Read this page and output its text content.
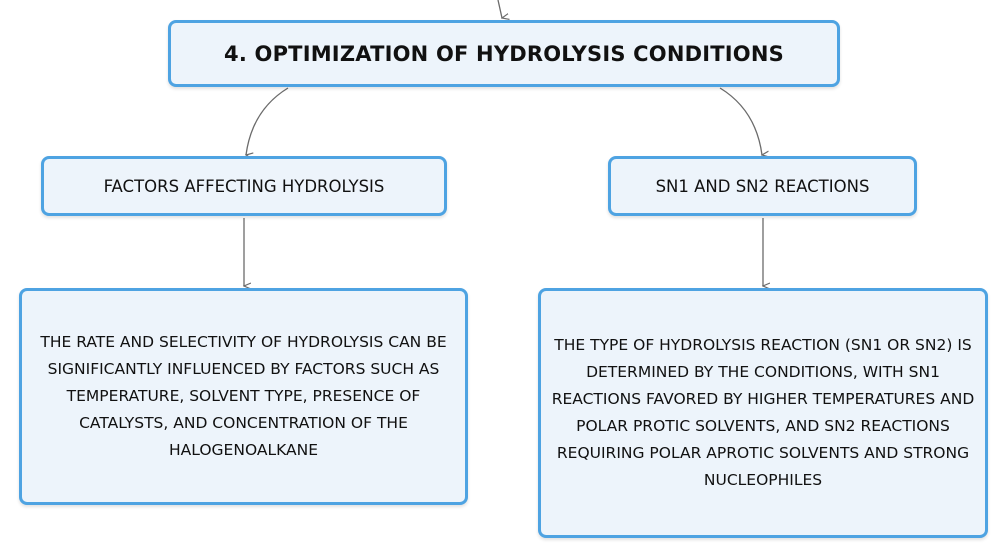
4. OPTIMIZATION OF HYDROLYSIS CONDITIONS
FACTORS AFFECTING HYDROLYSIS	SN1 AND SN2 REACTIONS
THE RATE AND SELECTIVITY OF HYDROLYSIS CAN BE SIGNIFICANTLY INFLUENCED BY FACTORS SUCH AS TEMPERATURE, SOLVENT TYPE, PRESENCE OF CATALYSTS, AND CONCENTRATION OF THE HALOGENOALKANE
THE TYPE OF HYDROLYSIS REACTION (SN1 OR SN2) IS DETERMINED BY THE CONDITIONS, WITH SN1 REACTIONS FAVORED BY HIGHER TEMPERATURES AND POLAR PROTIC SOLVENTS, AND SN2 REACTIONS REQUIRING POLAR APROTIC SOLVENTS AND STRONG NUCLEOPHILES
